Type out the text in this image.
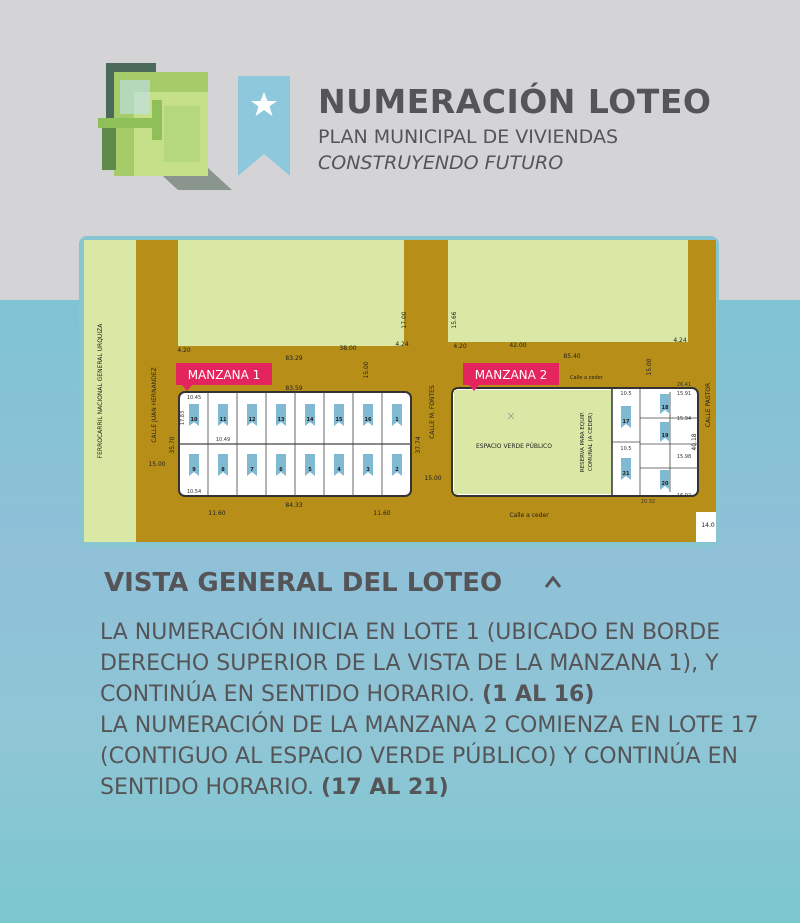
NUMERACIÓN LOTEO
PLAN MUNICIPAL DE VIVIENDAS
CONSTRUYENDO FUTURO
10	11	12	13	14	15	16	1
9	8	7	6	5	4	3	2
10.45
10.49
10.54
17.83
83.29
83.59
84.33
38.00
15.00
11.60	11.60
4.20
4.24
35.70	37.74
15.00
17.00
MANZANA 1
17
18
19
20
21
10.5
26.41
15.91
15.94
15.98
16.02
20.32
10.5
85.40
42.00
15.00
4.20
4.24
14.0
15.00
15.66
40.18
ESPACIO VERDE PÚBLICO	RESERVA PARA EQUIP. COMUNAL (A CEDER)
MANZANA 2	Calle a ceder
FERROCARRIL NACIONAL GENERAL URQUIZA	CALLE JUAN HERNANDEZ	CALLE M. FONTES	CALLE PASTOR
Calle a ceder
VISTA GENERAL DEL LOTEO

LA NUMERACIÓN INICIA EN LOTE 1 (UBICADO EN BORDE DERECHO SUPERIOR DE LA VISTA DE LA MANZANA 1), Y CONTINÚA EN SENTIDO HORARIO. (1 AL 16)
LA NUMERACIÓN DE LA MANZANA 2 COMIENZA EN LOTE 17 (CONTIGUO AL ESPACIO VERDE PÚBLICO) Y CONTINÚA EN SENTIDO HORARIO. (17 AL 21)
